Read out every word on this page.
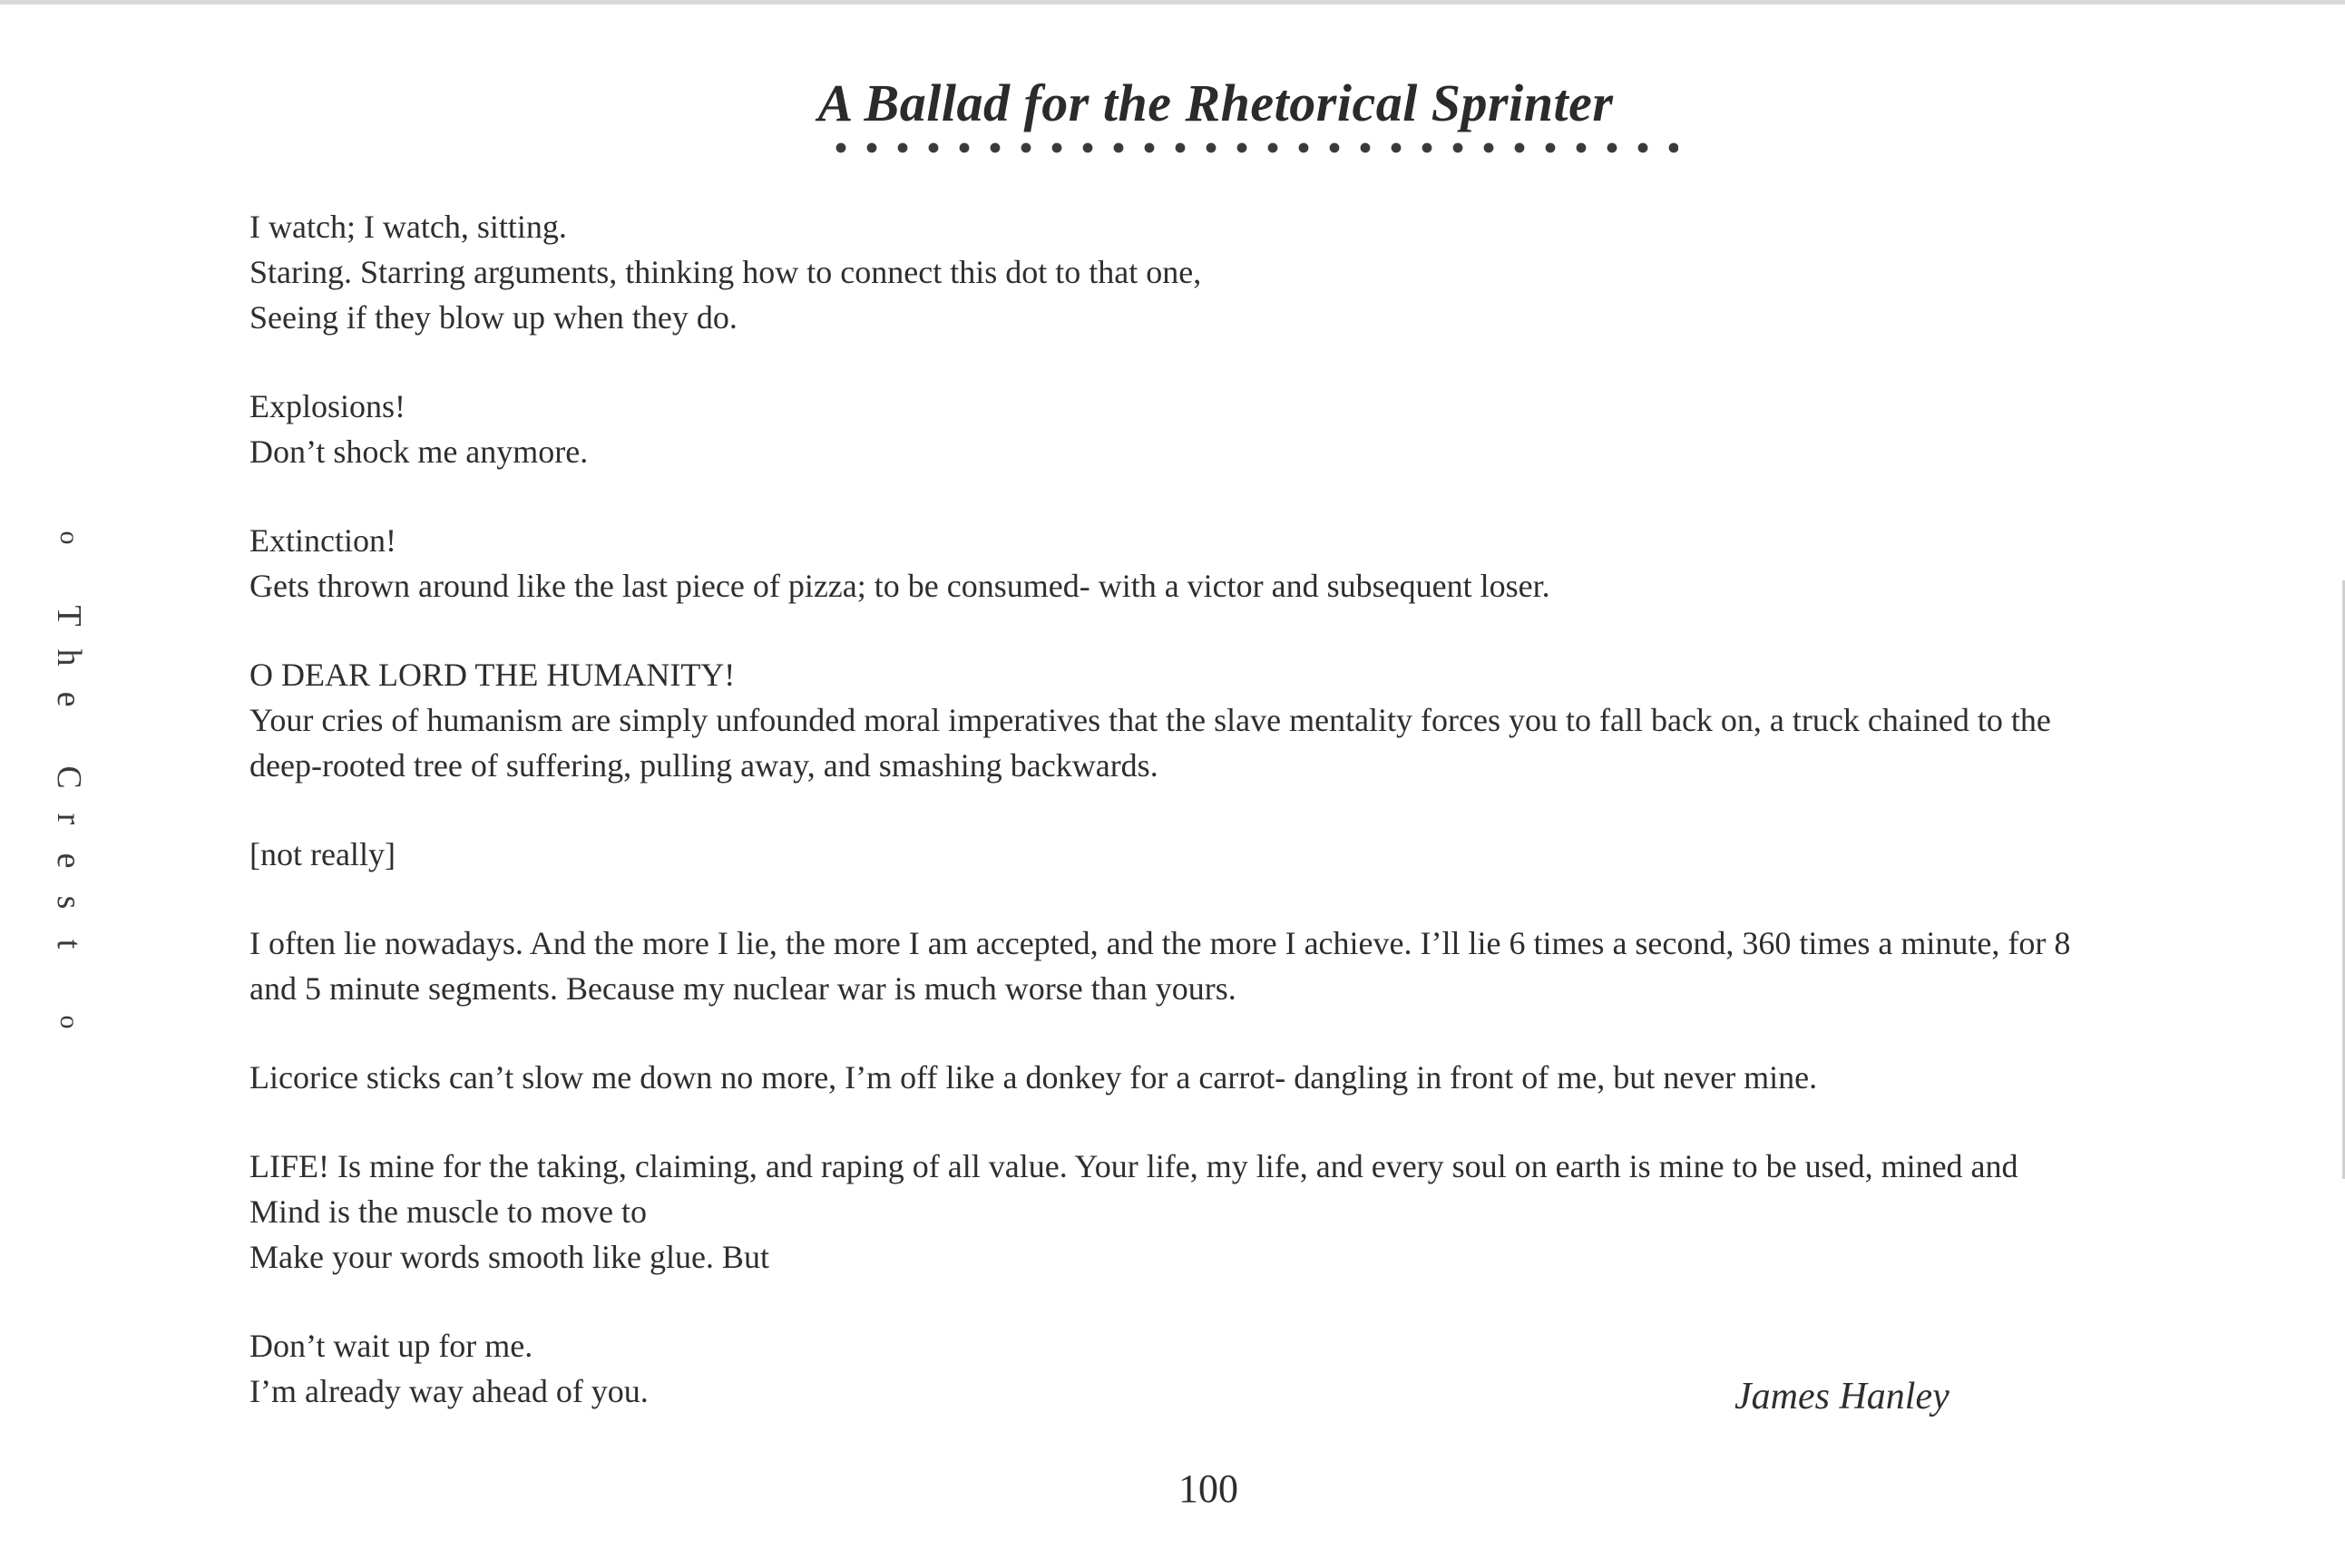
A Ballad for the Rhetorical Sprinter
o
T
h
e
C
r
e
s
t
o
I watch; I watch, sitting.
Staring. Starring arguments, thinking how to connect this dot to that one,
Seeing if they blow up when they do.
Explosions!
Don’t shock me anymore.
Extinction!
Gets thrown around like the last piece of pizza; to be consumed- with a victor and subsequent loser.
O DEAR LORD THE HUMANITY!
Your cries of humanism are simply unfounded moral imperatives that the slave mentality forces you to fall back on, a truck chained to the
deep-rooted tree of suffering, pulling away, and smashing backwards.
[not really]
I often lie nowadays. And the more I lie, the more I am accepted, and the more I achieve. I’ll lie 6 times a second, 360 times a minute, for 8
and 5 minute segments. Because my nuclear war is much worse than yours.
Licorice sticks can’t slow me down no more, I’m off like a donkey for a carrot- dangling in front of me, but never mine.
LIFE! Is mine for the taking, claiming, and raping of all value. Your life, my life, and every soul on earth is mine to be used, mined and
Mind is the muscle to move to
Make your words smooth like glue. But
Don’t wait up for me.
I’m already way ahead of you.	James Hanley
100
